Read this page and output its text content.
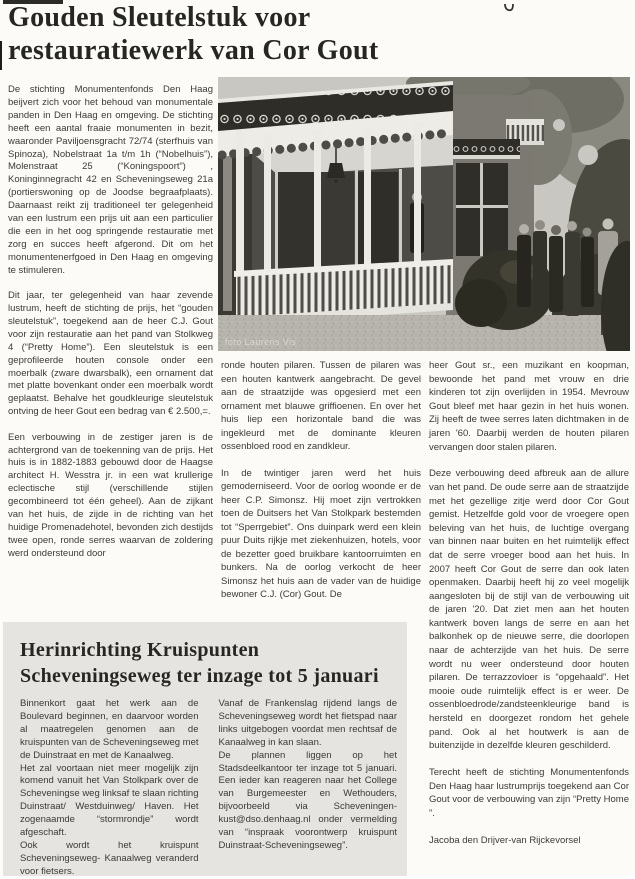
Gouden Sleutelstuk voor
restauratiewerk van Cor Gout
foto Laurens Vis

De stichting Monumentenfonds Den Haag beijvert zich voor het behoud van monumentale panden in Den Haag en omgeving. De stichting heeft een aantal fraaie monumenten in bezit, waaronder Paviljoensgracht 72/74 (sterfhuis van Spinoza), Nobelstraat 1a t/m 1h (“Nobelhuis”), Molenstraat 25 (“Koningspoort”) , Koninginnegracht 42 en Scheveningseweg 21a (portierswoning op de Joodse begraafplaats). Daarnaast reikt zij traditioneel ter gelegenheid van een lustrum een prijs uit aan een particulier die een in het oog springende restauratie met zorg en succes heeft afgerond. Dit om het monumentenerfgoed in Den Haag en omgeving te stimuleren.

Dit jaar, ter gelegenheid van haar zevende lustrum, heeft de stichting de prijs, het “gouden sleutelstuk”, toegekend aan de heer C.J. Gout voor zijn restauratie aan het pand van Stolkweg 4 (“Pretty Home”). Een sleutelstuk is een geprofileerde houten console onder een moerbalk (zware dwarsbalk), een ornament dat met platte bovenkant onder een moerbalk wordt geplaatst. Behalve het goudkleurige sleutelstuk ontving de heer Gout een bedrag van € 2.500,=.

Een verbouwing in de zestiger jaren is de achtergrond van de toekenning van de prijs. Het huis is in 1882-1883 gebouwd door de Haagse architect H. Wesstra jr. in een wat krullerige eclectische stijl (verschillende stijlen gecombineerd tot één geheel). Aan de zijkant van het huis, de zijde in de richting van het huidige Promenadehotel, bevonden zich destijds twee open, ronde serres waarvan de zoldering werd ondersteund door

ronde houten pilaren. Tussen de pilaren was een houten kantwerk aangebracht. De gevel aan de straatzijde was opgesierd met een ornament met blauwe griffioenen. En over het huis liep een horizontale band die was ingekleurd met de dominante kleuren ossenbloed rood en zandkleur.

In de twintiger jaren werd het huis gemoderniseerd. Voor de oorlog woonde er de heer C.P. Simonsz. Hij moet zijn vertrokken toen de Duitsers het Van Stolkpark bestemden tot “Sperrgebiet”. Ons duinpark werd een klein puur Duits rijkje met ziekenhuizen, hotels, voor de bezetter goed bruikbare kantoorruimten en bunkers. Na de oorlog verkocht de heer Simonsz het huis aan de vader van de huidige bewoner C.J. (Cor) Gout. De

heer Gout sr., een muzikant en koopman, bewoonde het pand met vrouw en drie kinderen tot zijn overlijden in 1954. Mevrouw Gout bleef met haar gezin in het huis wonen. Zij heeft de twee serres laten dichtmaken in de jaren '60. Daarbij werden de houten pilaren vervangen door stalen pilaren.

Deze verbouwing deed afbreuk aan de allure van het pand. De oude serre aan de straatzijde met het gezellige zitje werd door Cor Gout gemist. Hetzelfde gold voor de vroegere open beleving van het huis, de luchtige overgang van binnen naar buiten en het ruimtelijk effect dat de serre vroeger bood aan het huis. In 2007 heeft Cor Gout de serre dan ook laten openmaken. Daarbij heeft hij zo veel mogelijk aangesloten bij de stijl van de verbouwing uit de jaren '20. Dat ziet men aan het houten kantwerk boven langs de serre en aan het balkonhek op de nieuwe serre, die doorlopen naar de achterzijde van het huis. De serre wordt nu weer ondersteund door houten pilaren. De terrazzovloer is “opgehaald”. Het mooie oude ruimtelijk effect is er weer. De ossenbloedrode/zandsteenkleurige band is hersteld en doorgezet rondom het gehele pand. Ook al het houtwerk is aan de buitenzijde in dezelfde kleuren geschilderd.

Terecht heeft de stichting Monumentenfonds Den Haag haar lustrumprijs toegekend aan Cor Gout voor de verbouwing van zijn “Pretty Home ”.

Jacoba den Drijver-van Rijckevorsel

Herinrichting Kruispunten
Scheveningseweg ter inzage tot 5 januari

Binnenkort gaat het werk aan de Boulevard beginnen, en daarvoor worden al maatregelen genomen aan de kruispunten van de Scheveningseweg met de Duinstraat en met de Kanaalweg.

Het zal voortaan niet meer mogelijk zijn komend vanuit het Van Stolkpark over de Scheveningse weg linksaf te slaan richting Duinstraat/ Westduinweg/ Haven. Het zogenaamde “stormrondje” wordt afgeschaft.

Ook wordt het kruispunt Scheveningseweg- Kanaalweg veranderd voor fietsers.

Vanaf de Frankenslag rijdend langs de Scheveningseweg wordt het fietspad naar links uitgebogen voordat men rechtsaf de Kanaalweg in kan slaan.

De plannen liggen op het Stadsdeelkantoor ter inzage tot 5 januari. Een ieder kan reageren naar het College van Burgemeester en Wethouders, bijvoorbeeld via Scheveningen-kust@dso.denhaag.nl onder vermelding van “inspraak voorontwerp kruispunt Duinstraat-Scheveningseweg”.
